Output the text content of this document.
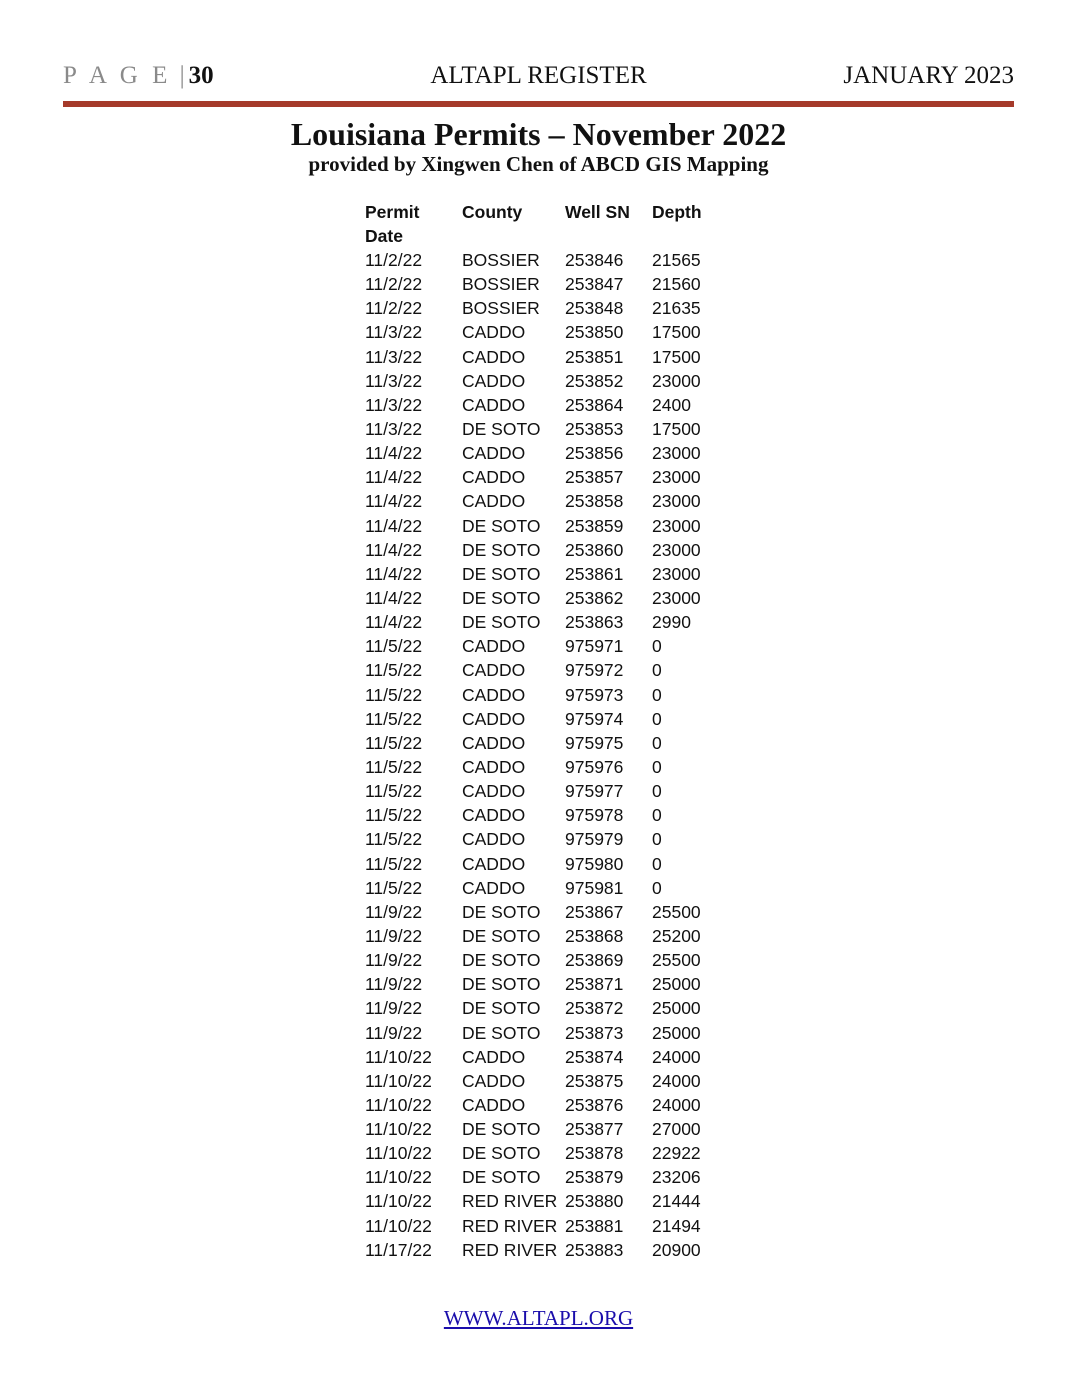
P A G E | 30	ALTAPL REGISTER	JANUARY 2023
Louisiana Permits – November 2022
provided by Xingwen Chen of ABCD GIS Mapping
Permit
Date	County	Well SN	Depth
11/2/22	BOSSIER	253846	21565
11/2/22	BOSSIER	253847	21560
11/2/22	BOSSIER	253848	21635
11/3/22	CADDO	253850	17500
11/3/22	CADDO	253851	17500
11/3/22	CADDO	253852	23000
11/3/22	CADDO	253864	2400
11/3/22	DE SOTO	253853	17500
11/4/22	CADDO	253856	23000
11/4/22	CADDO	253857	23000
11/4/22	CADDO	253858	23000
11/4/22	DE SOTO	253859	23000
11/4/22	DE SOTO	253860	23000
11/4/22	DE SOTO	253861	23000
11/4/22	DE SOTO	253862	23000
11/4/22	DE SOTO	253863	2990
11/5/22	CADDO	975971	0
11/5/22	CADDO	975972	0
11/5/22	CADDO	975973	0
11/5/22	CADDO	975974	0
11/5/22	CADDO	975975	0
11/5/22	CADDO	975976	0
11/5/22	CADDO	975977	0
11/5/22	CADDO	975978	0
11/5/22	CADDO	975979	0
11/5/22	CADDO	975980	0
11/5/22	CADDO	975981	0
11/9/22	DE SOTO	253867	25500
11/9/22	DE SOTO	253868	25200
11/9/22	DE SOTO	253869	25500
11/9/22	DE SOTO	253871	25000
11/9/22	DE SOTO	253872	25000
11/9/22	DE SOTO	253873	25000
11/10/22	CADDO	253874	24000
11/10/22	CADDO	253875	24000
11/10/22	CADDO	253876	24000
11/10/22	DE SOTO	253877	27000
11/10/22	DE SOTO	253878	22922
11/10/22	DE SOTO	253879	23206
11/10/22	RED RIVER	253880	21444
11/10/22	RED RIVER	253881	21494
11/17/22	RED RIVER	253883	20900
WWW.ALTAPL.ORG
